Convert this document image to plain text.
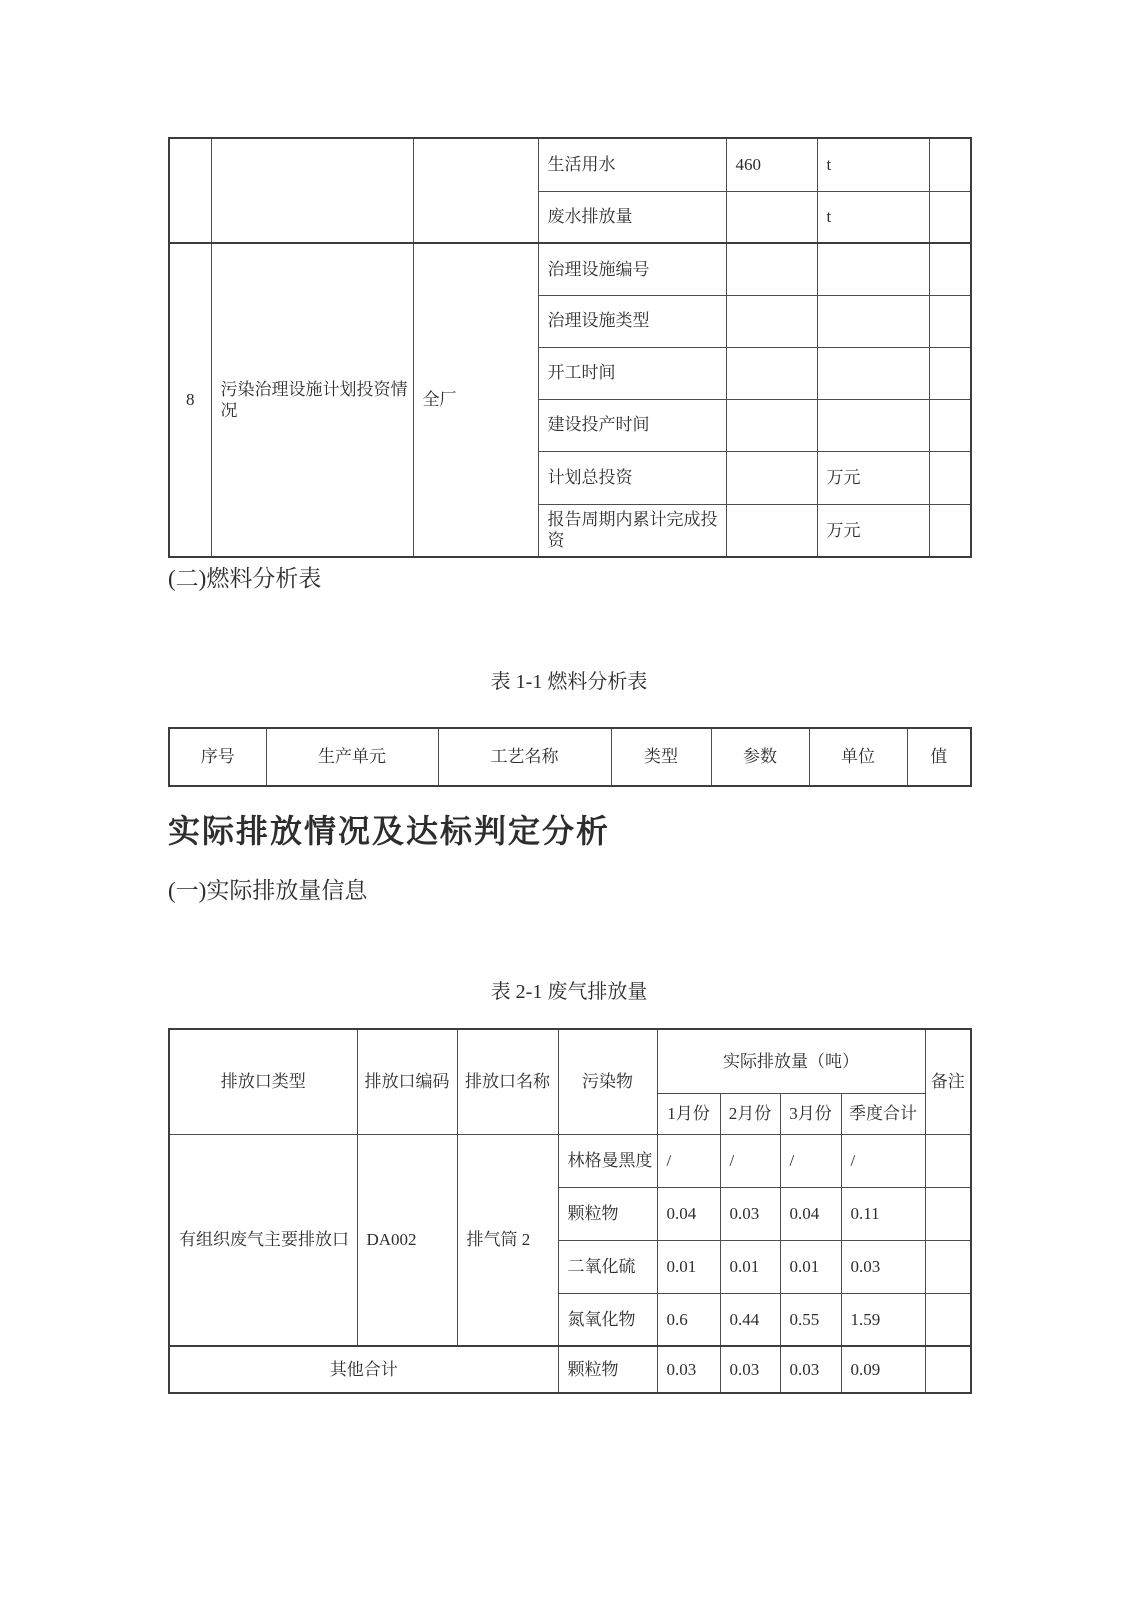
			生活用水	460	t	
			废水排放量		t	
8	污染治理设施计划投资情况	全厂	治理设施编号			
			治理设施类型			
			开工时间			
			建设投产时间			
			计划总投资		万元	
			报告周期内累计完成投资		万元	
(二)燃料分析表
表 1-1 燃料分析表
序号	生产单元	工艺名称	类型	参数	单位	值
实际排放情况及达标判定分析
(一)实际排放量信息
表 2-1 废气排放量
排放口类型	排放口编码	排放口名称	污染物	实际排放量（吨）				备注
				1月份	2月份	3月份	季度合计	
有组织废气主要排放口	DA002	排气筒 2	林格曼黑度	/	/	/	/	
			颗粒物	0.04	0.03	0.04	0.11	
			二氧化硫	0.01	0.01	0.01	0.03	
			氮氧化物	0.6	0.44	0.55	1.59	
其他合计			颗粒物	0.03	0.03	0.03	0.09	
